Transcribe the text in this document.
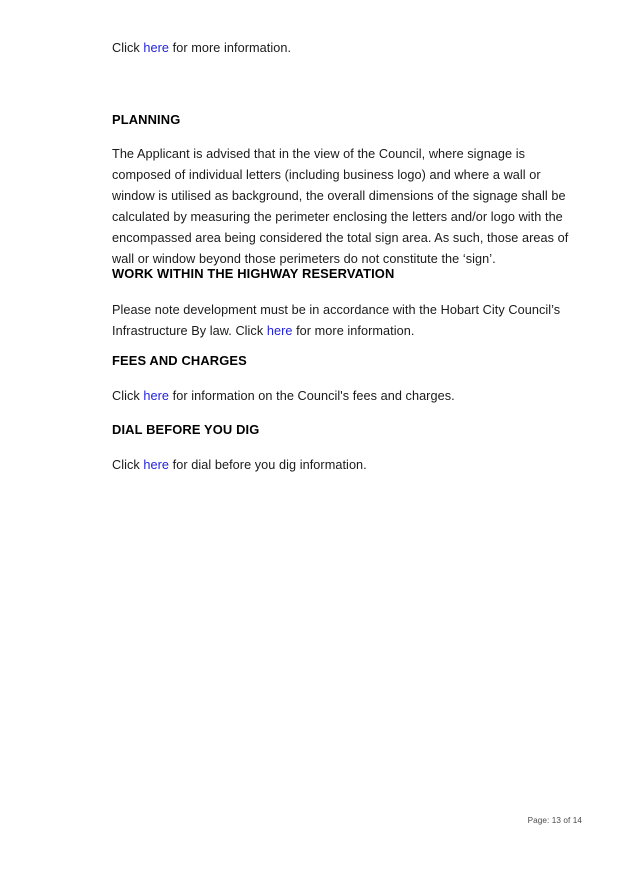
Click here for more information.

PLANNING

The Applicant is advised that in the view of the Council, where signage is composed of individual letters (including business logo) and where a wall or window is utilised as background, the overall dimensions of the signage shall be calculated by measuring the perimeter enclosing the letters and/or logo with the encompassed area being considered the total sign area. As such, those areas of wall or window beyond those perimeters do not constitute the ‘sign’.

WORK WITHIN THE HIGHWAY RESERVATION

Please note development must be in accordance with the Hobart City Council’s Infrastructure By law. Click here for more information.

FEES AND CHARGES

Click here for information on the Council's fees and charges.

DIAL BEFORE YOU DIG

Click here for dial before you dig information.

Page: 13 of 14
